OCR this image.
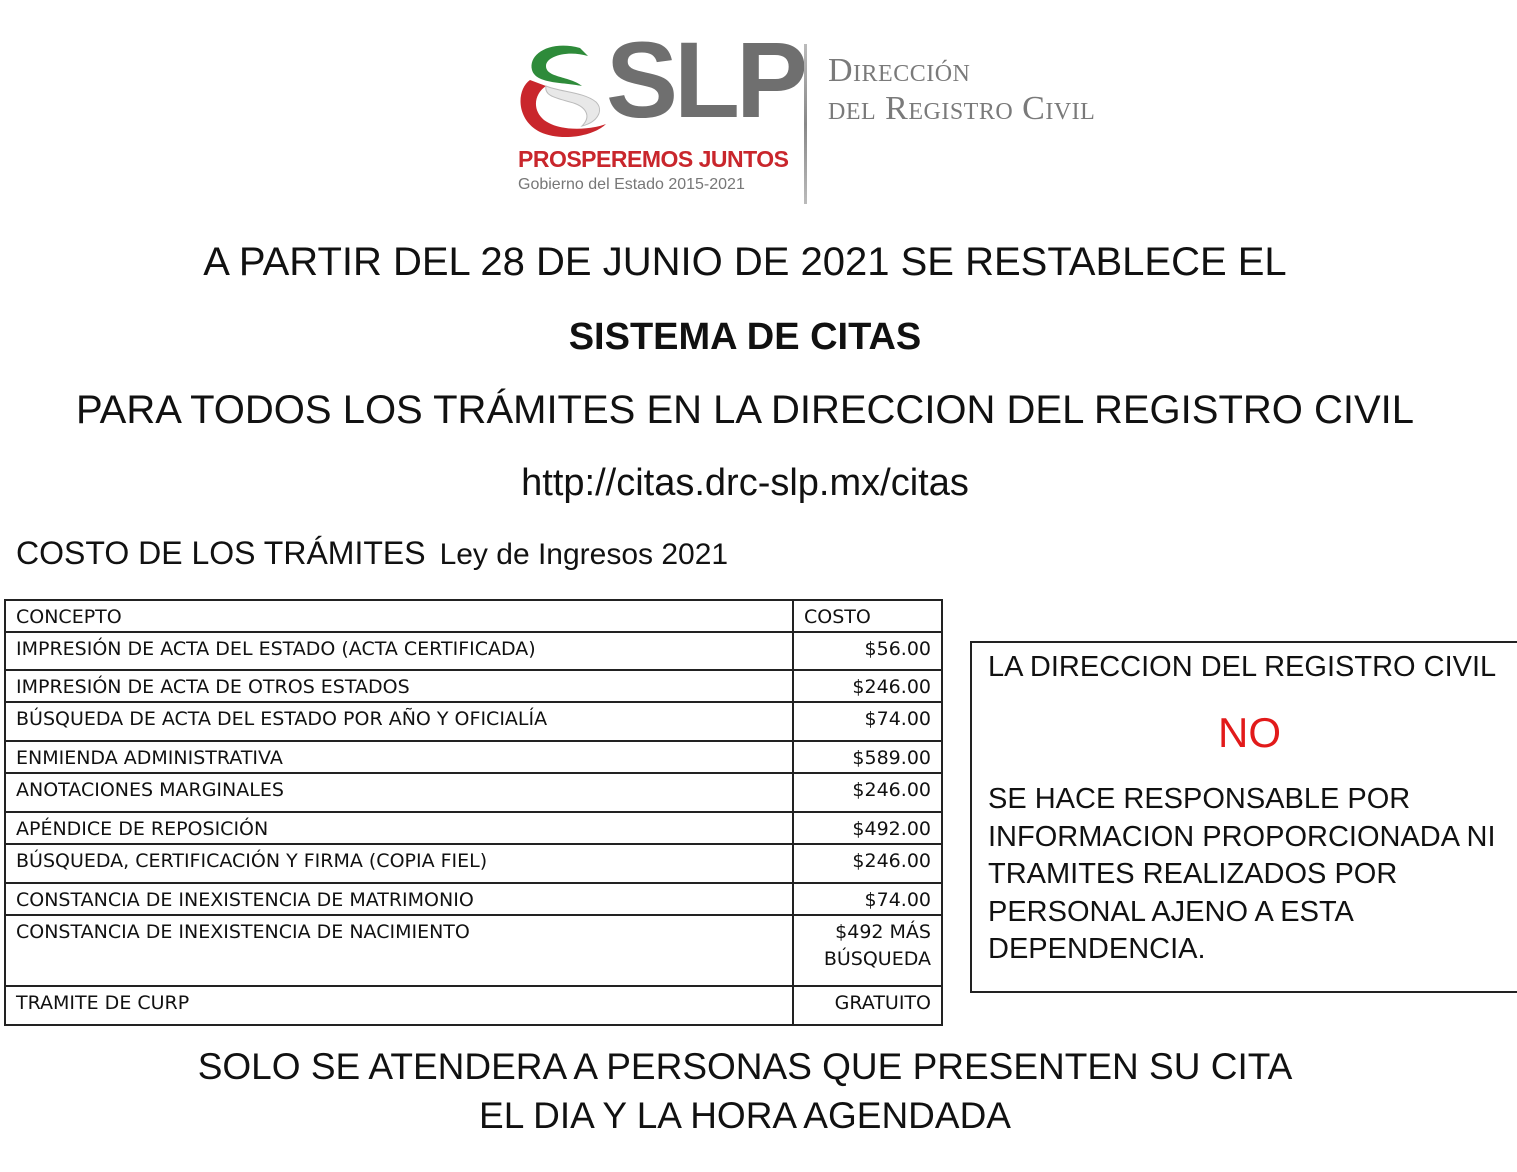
SLP
PROSPEREMOS JUNTOS
Gobierno del Estado 2015-2021
Dirección
del Registro Civil
A PARTIR DEL 28 DE JUNIO DE 2021 SE RESTABLECE EL
SISTEMA DE CITAS
PARA TODOS LOS TRÁMITES EN LA DIRECCION DEL REGISTRO CIVIL
http://citas.drc-slp.mx/citas
COSTO DE LOS TRÁMITES Ley de Ingresos 2021
CONCEPTO	COSTO
IMPRESIÓN DE ACTA DEL ESTADO (ACTA CERTIFICADA)	$56.00
IMPRESIÓN DE ACTA DE OTROS ESTADOS	$246.00
BÚSQUEDA DE ACTA DEL ESTADO POR AÑO Y OFICIALÍA	$74.00
ENMIENDA ADMINISTRATIVA	$589.00
ANOTACIONES MARGINALES	$246.00
APÉNDICE DE REPOSICIÓN	$492.00
BÚSQUEDA, CERTIFICACIÓN Y FIRMA (COPIA FIEL)	$246.00
CONSTANCIA DE INEXISTENCIA DE MATRIMONIO	$74.00
CONSTANCIA DE INEXISTENCIA DE NACIMIENTO	$492 MÁS
BÚSQUEDA

TRAMITE DE CURP	GRATUITO
LA DIRECCION DEL REGISTRO CIVIL
NO
SE HACE RESPONSABLE POR INFORMACION PROPORCIONADA NI TRAMITES REALIZADOS POR PERSONAL AJENO A ESTA DEPENDENCIA.
SOLO SE ATENDERA A PERSONAS QUE PRESENTEN SU CITA
EL DIA Y LA HORA AGENDADA
